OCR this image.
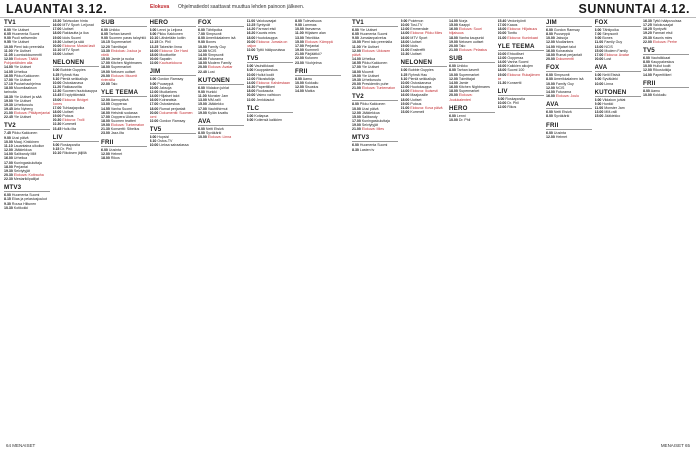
LAUANTAI 3.12.	Elokuva Ohjelmatiedot saattavat muuttua lehden painoon jälkeen.	SUNNUNTAI 4.12.
TV1
6.00 Yle Uutiset
6.05 Huomenta Suomi
9.00 Puoli seitsemän
9.55 Yle Uutiset
10.00 Pieni talo preerialla
11.00 Yle Uutiset
11.05 Luontodokumentti
12.00 Elokuva: Täällä Pohjantähden alla
14.00 Yle Uutiset
14.05 Urheilua
16.55 Pikku Kakkonen
17.00 Yle Uutiset
17.10 Puutarhaohjelma
18.00 Muumilaakson tarinoita
18.30 Yle Uutiset ja sää
19.00 Yle Uutiset
19.30 Urheiluruutu
19.45 Arto Nyberg
21.00 Elokuva: Pitkäperjantai
22.45 Yle Uutiset
TV2
7.45 Pikku Kakkonen
9.00 Uusi päivä
10.00 Maaj. Kinkkinen
11.10 Lauantaina ulkoilun
12.00 Jääkiekkoa
14.00 Salibandy MM
16.00 Urheilua
17.00 Kuningaskuluttaja
18.00 Perjantai
19.30 Selviytyjät
20.30 Elokuva: Kotirauha
22.30 Mestarikilpailijat
MTV3
6.00 Huomenta Suomi
8.15 Elias ja pelastusjoukot
9.30 Rouva Hiltunen
10.30 Kotikokki
15.30 Talvisodan hinta
16.00 MTV Sport: Leijonat
17.00 Uutiset
18.00 Rakkautta ja iloa
19.00 Idols Suomi
19.30 Uutiset ja sää
20.00 Elokuva: Mustat lasit
22.10 MTV Sport
23.00 Uutiset
NELONEN
6.00 Bubble Guppies
6.25 Ryhmä Hau
8.10 Pieniä seikkailuja
10.00 Ostoskanava
11.20 Rakkausriita
12.30 Suomen huutokauppa
13.45 Ei sytyttämistä
15.00 Elokuva: Bridget Jones
17.00 Tuhlaajapoika
18.00 Uutiset
19.00 Putous
20.30 Elokuva: Trolli
22.30 Kummeli
23.45 Hullu ilta
LIV
8.00 Roskapostia
9.15 Dr. Phil
10.10 Rikoksen jäljillä
SUB
6.00 Unikko
8.05 Tarhan kaverit
9.00 Suomen paras taloyhtiö
10.15 Supermarket
12.20 Toimittajat
13.30 Ehdokas: Joulua ja väriä
15.00 Jamie ja ruoka
17.00 Kitchen Nightmares
18.00 Supermarket
19.00 Nelosen uutiset
20.00 Elokuva: Muumit rivierallla
22.00 Talo
YLE TEEMA
12.00 Aamupäivä
13.00 Oopperaa
14.55 Vanha Suomi
16.00 Helsinki sodassa
17.00 Ooppera Ukkonen
18.00 Suomen teatteri
19.00 Elokuva: Tuntematon
21.30 Konsertti: Sibelius
23.00 Jazz-ilta
FRII
6.00 Uusinta
12.00 Helmet
18.00 Rikos
HERO
6.00 Lenni ja Leijona
8.00 Pikku Kakkonen
10.10 Lähdetään kotiin
12.15 Dr. Phil
13.25 Takeshin linna
16.00 Elokuva: Die Hard
18.00 Moottoritie
20.00 Sapatin
22.00 Kauhuelokuva
JIM
6.00 Gordon Ramsay
9.00 Puuseppä
10.00 Jaksoja
12.00 Mudlarkers
14.00 Hiljaiset talot
16.00 Koiraratsia
17.00 Ostoskeskus
18.00 Rumat perjantait
20.00 Dokumentti: Suomen torni
22.00 Gordon Ramsay
TV5
6.00 Hupsis!
8.10 Ostos-TV
10.00 Lieksa sairaalassa
FOX
6.00 Tähtipoika
7.00 Simpsonit
8.00 Amerikkalainen isä
9.00 Bones
10.00 Family Guy
12.00 NCIS
14.00 Simpsonit
16.00 Futurama
18.00 Modern Family
20.00 Elokuva: Avatar
22.40 Lost
KUTONEN
6.00 Viidakon juhlat
9.00 Hunkki
11.00 Monster Jam
13.00 MM-ralli
15.00 Jääkiekko
17.00 Vauhtihirmut
19.00 Kylän luvattu
AVA
6.00 Neiti Etsivä
8.00 Syväkärki
10.00 Elokuva: Linna
11.00 Valokuvaajat
12.25 Syntyvät
14.20 Farmari etsii
16.20 Kaunis mies
18.00 Huutokauppa
20.00 Elokuva: Jumala on paljon
22.00 Tyttö hääpuvuissa
TV5
6.00 Vauhdikkaat
8.00 Kauppakeskus
10.00 Hullut kodit
12.00 Rikostutkija
14.00 Elokuva: Kahdestaan
16.30 Paperitiikeri
18.00 Ruokasota
20.00 Vaimo vaihtoon
22.00 Jenkkiautot
TLC
6.00 Kotiapua
9.00 Kotiensä kaikkien
8.00 Tulevaisuus
9.00 Lammas
10.00 Itsevarma
11.00 Hiljaisen alan
13.00 Tekniikka
15.00 Elokuva: Kämppä
17.00 Perjantai
19.00 Kummeli
21.00 Pärjäätkö?
22.00 Kutonen
23.00 Yöohjelma
FRII
8.00 Aamu
10.00 Kokkailu
12.00 Sisustus
14.00 Matka
TV1
6.00 Yle Uutiset
6.05 Huomenta Suomi
9.00 Jumalanpalvelus
10.00 Pieni talo preerialla
11.00 Yle Uutiset
12.00 Elokuva: Ukkosen päivä
14.00 Urheilua
16.55 Pikku Kakkonen
17.00 Yle Uutiset
18.00 Muumit
19.00 Yle Uutiset
19.30 Urheiluruutu
20.00 Presidentin puhe
21.00 Elokuva: Tuntematon
TV2
8.00 Pikku Kakkonen
10.00 Uusi päivä
12.00 Jääkiekkoa
15.00 Salibandy
17.00 Kuningaskuluttaja
19.00 Selviytyjät
21.00 Elokuva: Mies
MTV3
6.00 Huomenta Suomi
8.30 Lasten tv
9.00 Pokémon
10.00 Tosi-TV
12.00 Emmerdale
14.00 Elokuva: Pikku Mies
16.00 MTV Sport
18.00 Uutiset
19.00 Idols
21.00 Ensitreffit
22.30 Uutiset
NELONEN
6.00 Bubble Guppies
6.25 Ryhmä Hau
8.10 Pieniä seikkailuja
10.00 Ostoskanava
12.00 Huutokauppa
14.00 Elokuva: Ikuisesti
16.00 Maajussille
18.00 Uutiset
19.00 Putous
21.00 Elokuva: Kova päivä
23.00 Kummeli
14.00 Norja
15.00 Kaappi
16.00 Elokuva: Suuri hiljaisuus
18.00 Vanha kaupunki
19.00 Nelosen uutiset
20.00 Talo
21.00 Elokuva: Pelastus
SUB
6.00 Unikko
8.00 Tarhan kaverit
10.00 Supermarket
12.00 Toimittajat
14.00 Jamie
16.00 Kitchen Nightmares
18.00 Supermarket
20.00 Elokuva: Joulukalenteri
HERO
6.00 Lenni
10.00 Dr. Phil
15.40 Vedonlyönti
17.00 Kaaos
18.00 Elokuva: Hiljaisuus
20.00 Tonttu
21.00 Elokuva: Kuninkaat
YLE TEEMA
10.00 Ehtoolliset
12.00 Oopperaa
14.00 Vanha Suomi
16.00 Kaikkien aikojen
18.00 Suomi 100
19.00 Elokuva: Rukajärven tie
21.30 Konsertti
LIV
8.00 Roskapostia
10.00 Dr. Phil
12.00 Rikos
JIM
6.00 Gordon Ramsay
8.00 Puuseppä
10.00 Jaksoja
12.00 Mudlarkers
14.00 Hiljaiset talot
16.00 Koiraratsia
18.00 Rumat perjantait
20.00 Dokumentti
FOX
6.00 Simpsonit
8.00 Amerikkalainen isä
10.00 Family Guy
12.00 NCIS
14.00 Futurama
16.00 Elokuva: Joulu
AVA
6.00 Neiti Etsivä
8.00 Syväkärki
FRII
6.00 Uusinta
12.00 Helmet
FOX
6.00 Tähtipoika
7.00 Simpsonit
9.00 Bones
11.00 Family Guy
13.00 NCIS
15.00 Modern Family
17.00 Elokuva: Avatar
20.00 Lost
AVA
6.00 Neiti Etsivä
8.00 Syväkärki
10.00 Linna
KUTONEN
6.00 Viidakon juhlat
9.00 Hunkki
11.00 Monster Jam
13.00 MM-ralli
15.00 Jääkiekko
16.30 Tyttö hääpuvuissa
17.25 Valokuvaajat
18.25 Syntyvät
19.20 Farmari etsii
20.30 Kaunis mies
22.00 Elokuva: Perhe
TV5
6.00 Vauhdikkaat
8.00 Kauppakeskus
10.00 Hullut kodit
12.00 Rikostutkija
14.00 Paperitiikeri
FRII
8.00 Aamu
10.00 Kokkailu
64 MENAISET	MENAISET 65
